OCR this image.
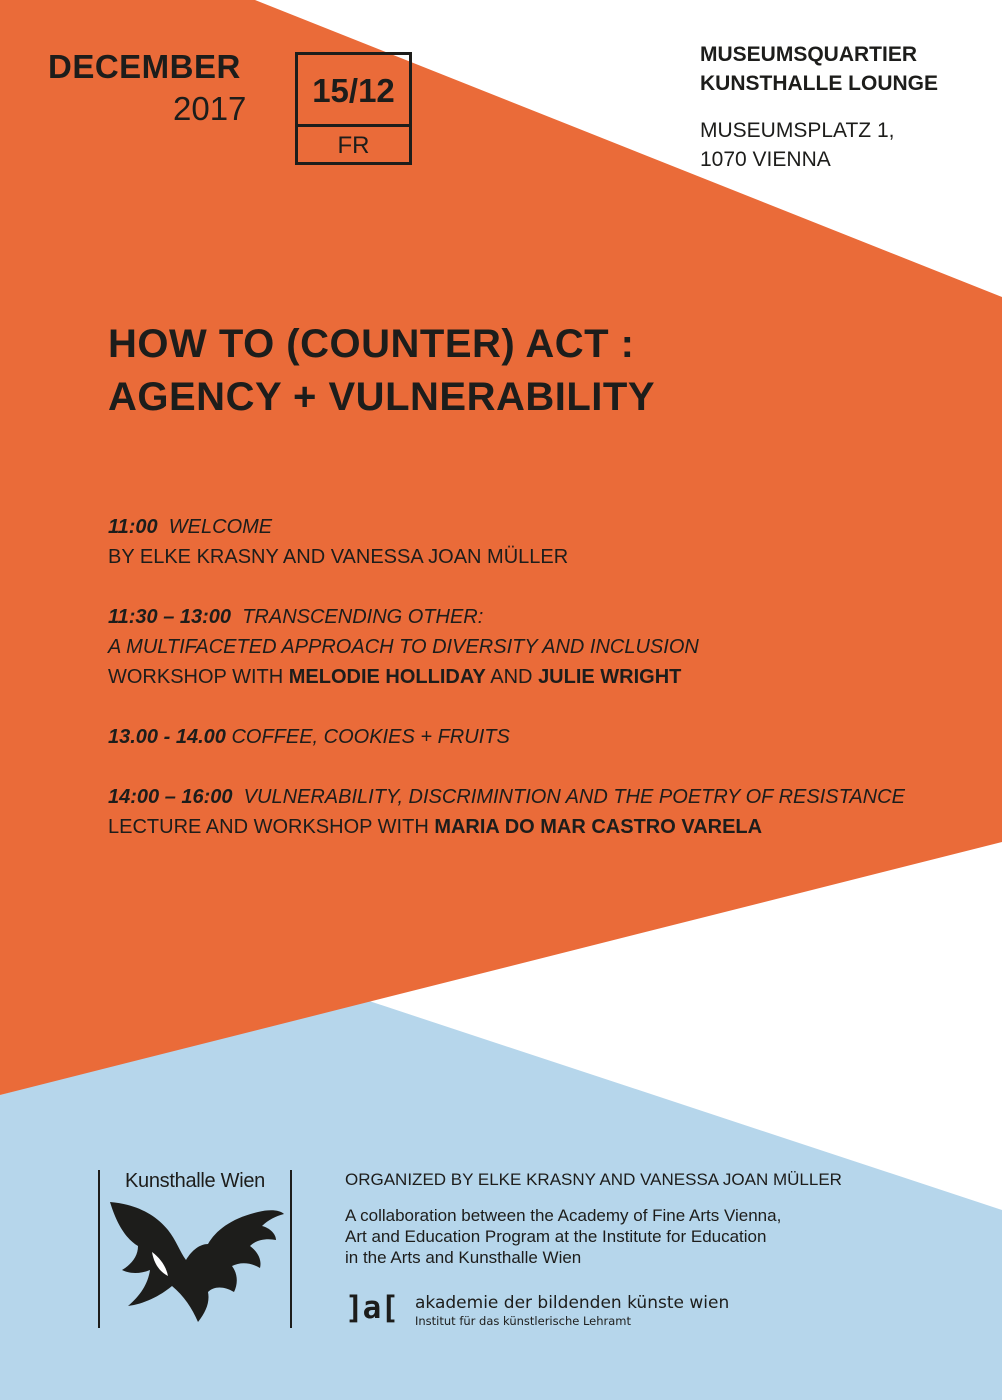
DECEMBER
2017	15/12
FR
MUSEUMSQUARTIER
KUNSTHALLE LOUNGE
MUSEUMSPLATZ 1,
1070 VIENNA
HOW TO (COUNTER) ACT :
AGENCY + VULNERABILITY
11:00 WELCOME
BY ELKE KRASNY AND VANESSA JOAN MÜLLER
11:30 – 13:00 TRANSCENDING OTHER:
A MULTIFACETED APPROACH TO DIVERSITY AND INCLUSION
WORKSHOP WITH MELODIE HOLLIDAY AND JULIE WRIGHT
13.00 - 14.00 COFFEE, COOKIES + FRUITS
14:00 – 16:00 VULNERABILITY, DISCRIMINTION AND THE POETRY OF RESISTANCE
LECTURE AND WORKSHOP WITH MARIA DO MAR CASTRO VARELA
Kunsthalle Wien	ORGANIZED BY ELKE KRASNY AND VANESSA JOAN MÜLLER
A collaboration between the Academy of Fine Arts Vienna,
Art and Education Program at the Institute for Education
in the Arts and Kunsthalle Wien
]a[ akademie der bildenden künste wien
Institut für das künstlerische Lehramt
